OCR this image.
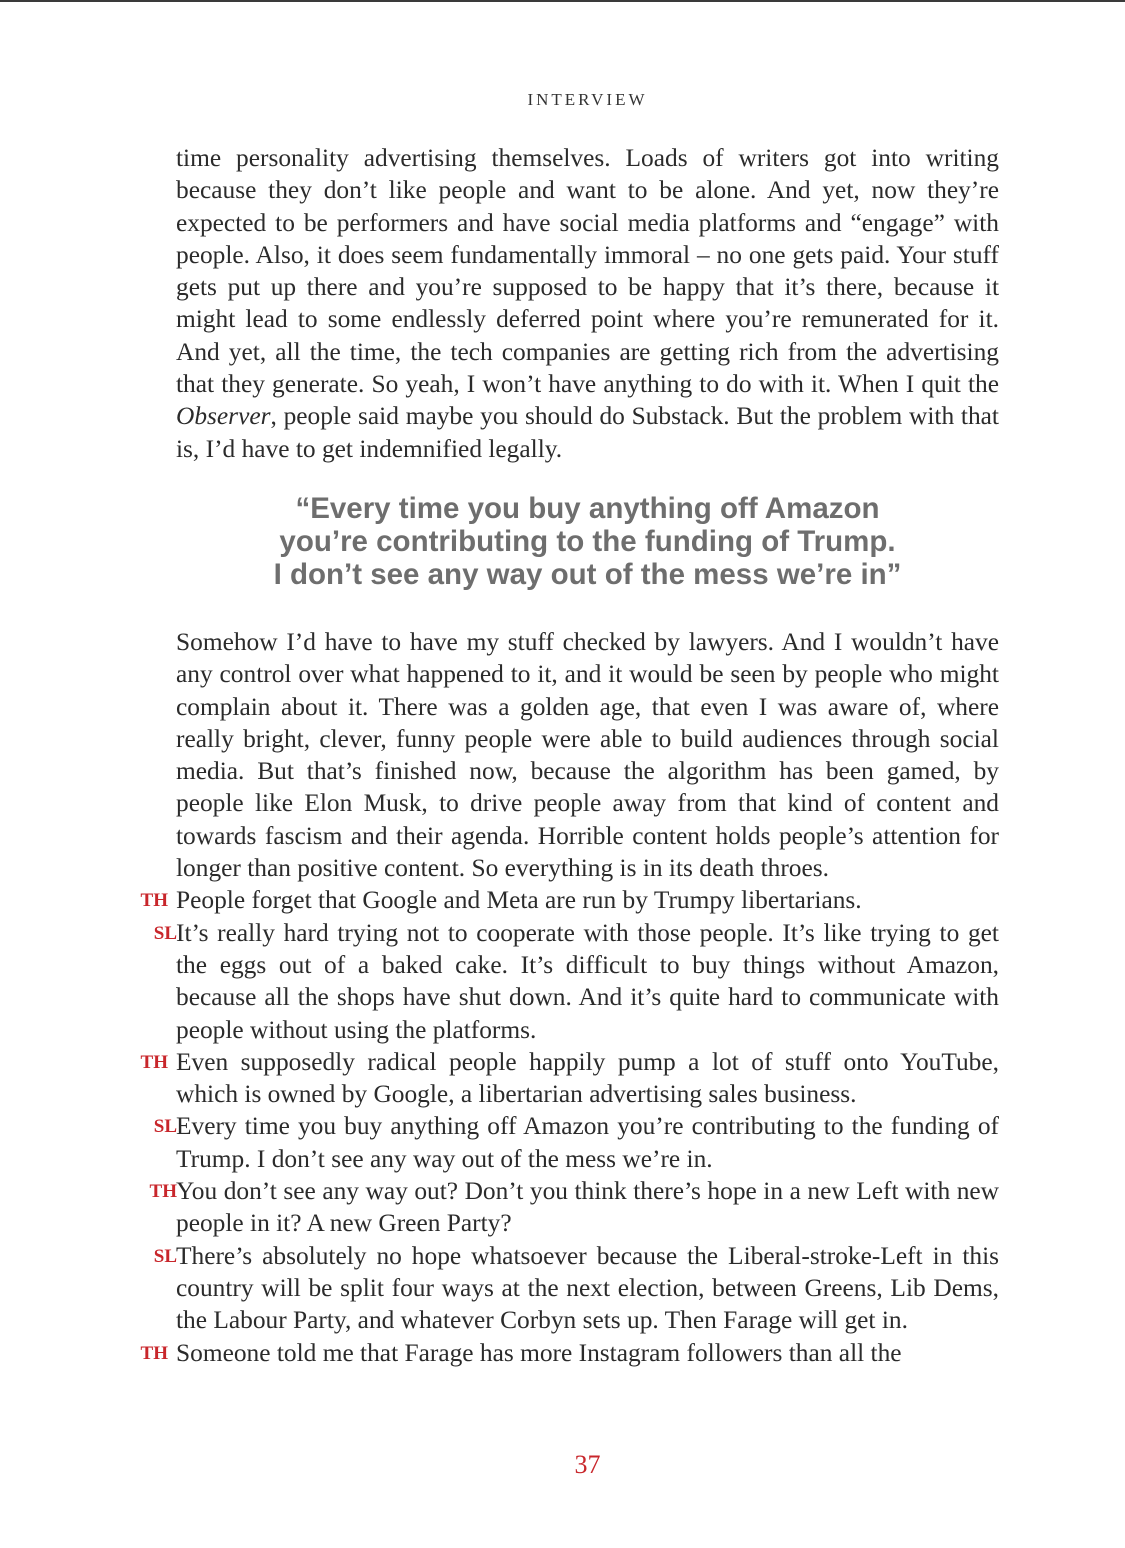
INTERVIEW

time personality advertising themselves. Loads of writers got into writing because they don’t like people and want to be alone. And yet, now they’re expected to be performers and have social media platforms and “engage” with people. Also, it does seem fundamentally immoral – no one gets paid. Your stuff gets put up there and you’re supposed to be happy that it’s there, because it might lead to some endlessly deferred point where you’re remunerated for it. And yet, all the time, the tech companies are getting rich from the advertising that they generate. So yeah, I won’t have anything to do with it. When I quit the Observer, people said maybe you should do Substack. But the problem with that is, I’d have to get indemnified legally.

“Every time you buy anything off Amazon
you’re contributing to the funding of Trump.
I don’t see any way out of the mess we’re in”

Somehow I’d have to have my stuff checked by lawyers. And I wouldn’t have any control over what happened to it, and it would be seen by people who might complain about it. There was a golden age, that even I was aware of, where really bright, clever, funny people were able to build audiences through social media. But that’s finished now, because the algorithm has been gamed, by people like Elon Musk, to drive people away from that kind of content and towards fascism and their agenda. Horrible content holds people’s attention for longer than positive content. So everything is in its death throes.

TH People forget that Google and Meta are run by Trumpy libertarians.

SL It’s really hard trying not to cooperate with those people. It’s like trying to get the eggs out of a baked cake. It’s difficult to buy things without Amazon, because all the shops have shut down. And it’s quite hard to communicate with people without using the platforms.

TH Even supposedly radical people happily pump a lot of stuff onto YouTube, which is owned by Google, a libertarian advertising sales business.

SL Every time you buy anything off Amazon you’re contributing to the funding of Trump. I don’t see any way out of the mess we’re in.

TH You don’t see any way out? Don’t you think there’s hope in a new Left with new people in it? A new Green Party?

SL There’s absolutely no hope whatsoever because the Liberal-stroke-Left in this country will be split four ways at the next election, between Greens, Lib Dems, the Labour Party, and whatever Corbyn sets up. Then Farage will get in.

TH Someone told me that Farage has more Instagram followers than all the

37
